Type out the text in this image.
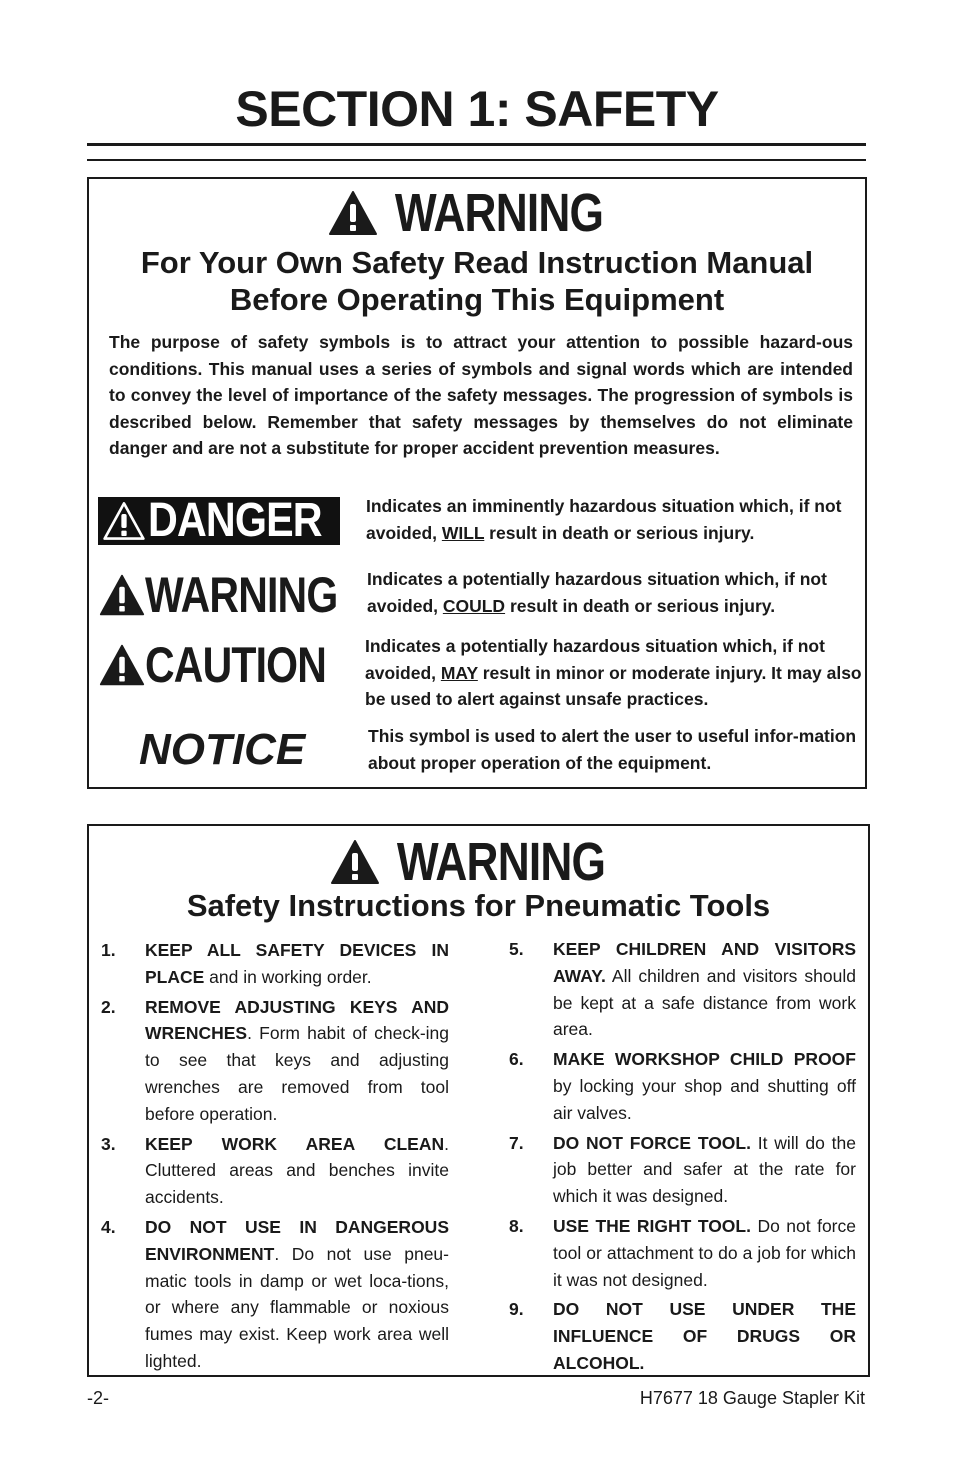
SECTION 1: SAFETY
WARNING
For Your Own Safety Read Instruction Manual
Before Operating This Equipment
The purpose of safety symbols is to attract your attention to possible hazard-ous conditions. This manual uses a series of symbols and signal words which are intended to convey the level of importance of the safety messages. The progression of symbols is described below. Remember that safety messages by themselves do not eliminate danger and are not a substitute for proper accident prevention measures.
DANGER	Indicates an imminently hazardous situation which, if not avoided, WILL result in death or serious injury.
WARNING Indicates a potentially hazardous situation which, if not avoided, COULD result in death or serious injury.
CAUTION Indicates a potentially hazardous situation which, if not avoided, MAY result in minor or moderate injury. It may also be used to alert against unsafe practices.
NOTICE	This symbol is used to alert the user to useful infor-mation about proper operation of the equipment.
WARNING
Safety Instructions for Pneumatic Tools
1. KEEP ALL SAFETY DEVICES IN PLACE and in working order.
2. REMOVE ADJUSTING KEYS AND WRENCHES. Form habit of check-ing to see that keys and adjusting wrenches are removed from tool before operation.
3. KEEP WORK AREA CLEAN. Cluttered areas and benches invite accidents.
4. DO NOT USE IN DANGEROUS ENVIRONMENT. Do not use pneu-matic tools in damp or wet loca-tions, or where any flammable or noxious fumes may exist. Keep work area well lighted.
5. KEEP CHILDREN AND VISITORS AWAY. All children and visitors should be kept at a safe distance from work area.
6. MAKE WORKSHOP CHILD PROOF by locking your shop and shutting off air valves.
7. DO NOT FORCE TOOL. It will do the job better and safer at the rate for which it was designed.
8. USE THE RIGHT TOOL. Do not force tool or attachment to do a job for which it was not designed.
9. DO NOT USE UNDER THE INFLUENCE OF DRUGS OR ALCOHOL.
-2-	H7677 18 Gauge Stapler Kit
